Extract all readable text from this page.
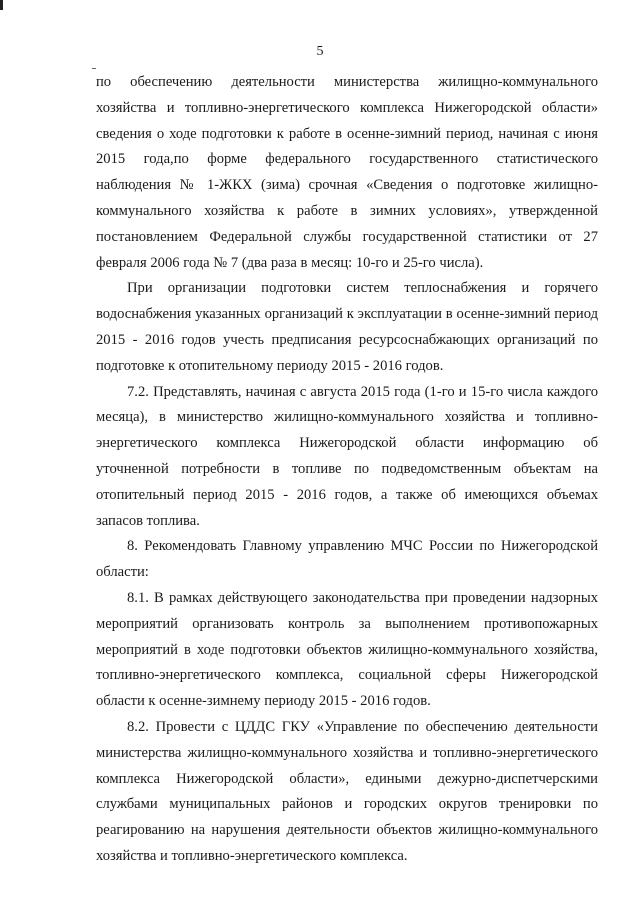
5

по обеспечению деятельности министерства жилищно-коммунального хозяйства и топливно-энергетического комплекса Нижегородской области» сведения о ходе подготовки к работе в осенне-зимний период, начиная с июня 2015 года,по форме федерального государственного статистического наблюдения № 1-ЖКХ (зима) срочная «Сведения о подготовке жилищно-коммунального хозяйства к работе в зимних условиях», утвержденной постановлением Федеральной службы государственной статистики от 27 февраля 2006 года № 7 (два раза в месяц: 10-го и 25-го числа).

При организации подготовки систем теплоснабжения и горячего водоснабжения указанных организаций к эксплуатации в осенне-зимний период 2015 - 2016 годов учесть предписания ресурсоснабжающих организаций по подготовке к отопительному периоду 2015 - 2016 годов.

7.2. Представлять, начиная с августа 2015 года (1-го и 15-го числа каждого месяца), в министерство жилищно-коммунального хозяйства и топливно-энергетического комплекса Нижегородской области информацию об уточненной потребности в топливе по подведомственным объектам на отопительный период 2015 - 2016 годов, а также об имеющихся объемах запасов топлива.

8. Рекомендовать Главному управлению МЧС России по Нижегородской области:

8.1. В рамках действующего законодательства при проведении надзорных мероприятий организовать контроль за выполнением противопожарных мероприятий в ходе подготовки объектов жилищно-коммунального хозяйства, топливно-энергетического комплекса, социальной сферы Нижегородской области к осенне-зимнему периоду 2015 - 2016 годов.

8.2. Провести с ЦДДС ГКУ «Управление по обеспечению деятельности министерства жилищно-коммунального хозяйства и топливно-энергетического комплекса Нижегородской области», едиными дежурно-диспетчерскими службами муниципальных районов и городских округов тренировки по реагированию на нарушения деятельности объектов жилищно-коммунального хозяйства и топливно-энергетического комплекса.
